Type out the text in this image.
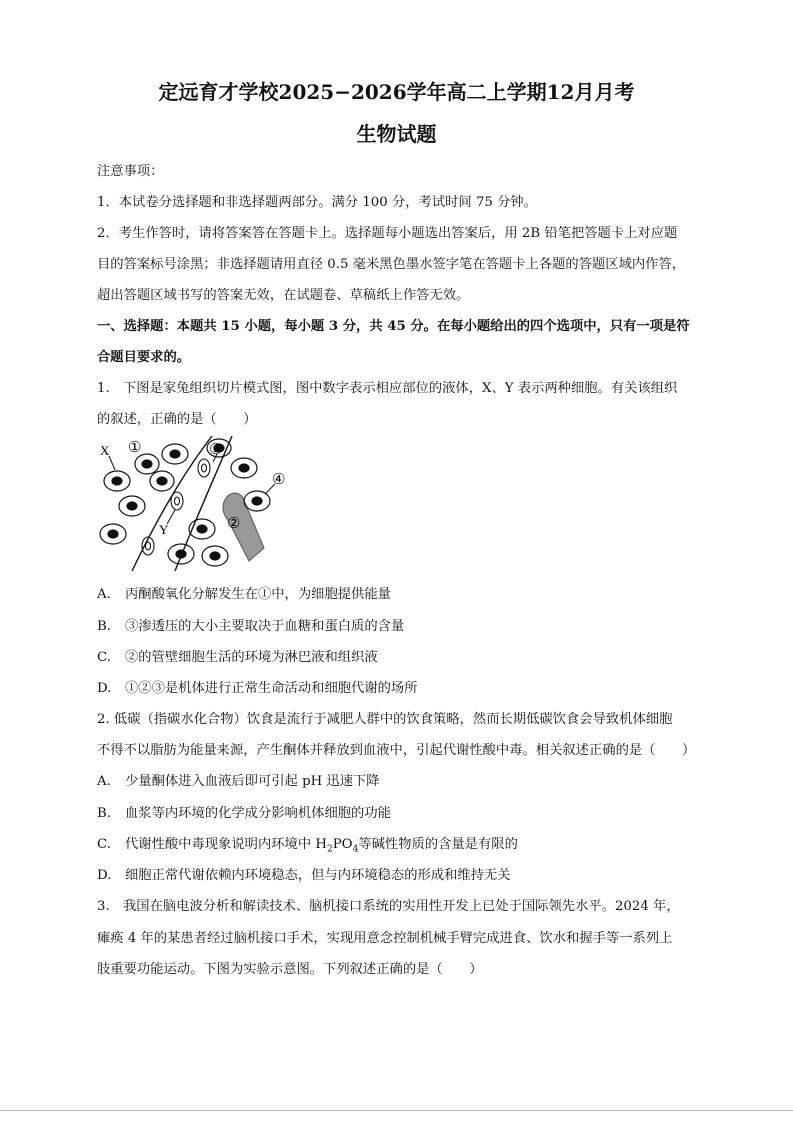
定远育才学校2025−2026学年高二上学期12月月考
生物试题
注意事项：
1．本试卷分选择题和非选择题两部分。满分 100 分，考试时间 75 分钟。
2．考生作答时，请将答案答在答题卡上。选择题每小题选出答案后，用 2B 铅笔把答题卡上对应题
目的答案标号涂黑；非选择题请用直径 0.5 毫米黑色墨水签字笔在答题卡上各题的答题区域内作答，
超出答题区域书写的答案无效，在试题卷、草稿纸上作答无效。
一、选择题：本题共 15 小题，每小题 3 分，共 45 分。在每小题给出的四个选项中，只有一项是符
合题目要求的。
1.　下图是家兔组织切片模式图，图中数字表示相应部位的液体，X、Y 表示两种细胞。有关该组织
的叙述，正确的是（　　）
X ①	③
④
Y	②
A. 丙酮酸氧化分解发生在①中，为细胞提供能量
B. ③渗透压的大小主要取决于血糖和蛋白质的含量
C. ②的管壁细胞生活的环境为淋巴液和组织液
D. ①②③是机体进行正常生命活动和细胞代谢的场所
2. 低碳（指碳水化合物）饮食是流行于减肥人群中的饮食策略，然而长期低碳饮食会导致机体细胞
不得不以脂肪为能量来源，产生酮体并释放到血液中，引起代谢性酸中毒。相关叙述正确的是（　　）
A. 少量酮体进入血液后即可引起 pH 迅速下降
B. 血浆等内环境的化学成分影响机体细胞的功能
C. 代谢性酸中毒现象说明内环境中 $H_2PO_4$等碱性物质的含量是有限的
D. 细胞正常代谢依赖内环境稳态，但与内环境稳态的形成和维持无关
3.　我国在脑电波分析和解读技术、脑机接口系统的实用性开发上已处于国际领先水平。2024 年，
瘫痪 4 年的某患者经过脑机接口手术，实现用意念控制机械手臂完成进食、饮水和握手等一系列上
肢重要功能运动。下图为实验示意图。下列叙述正确的是（　　）
